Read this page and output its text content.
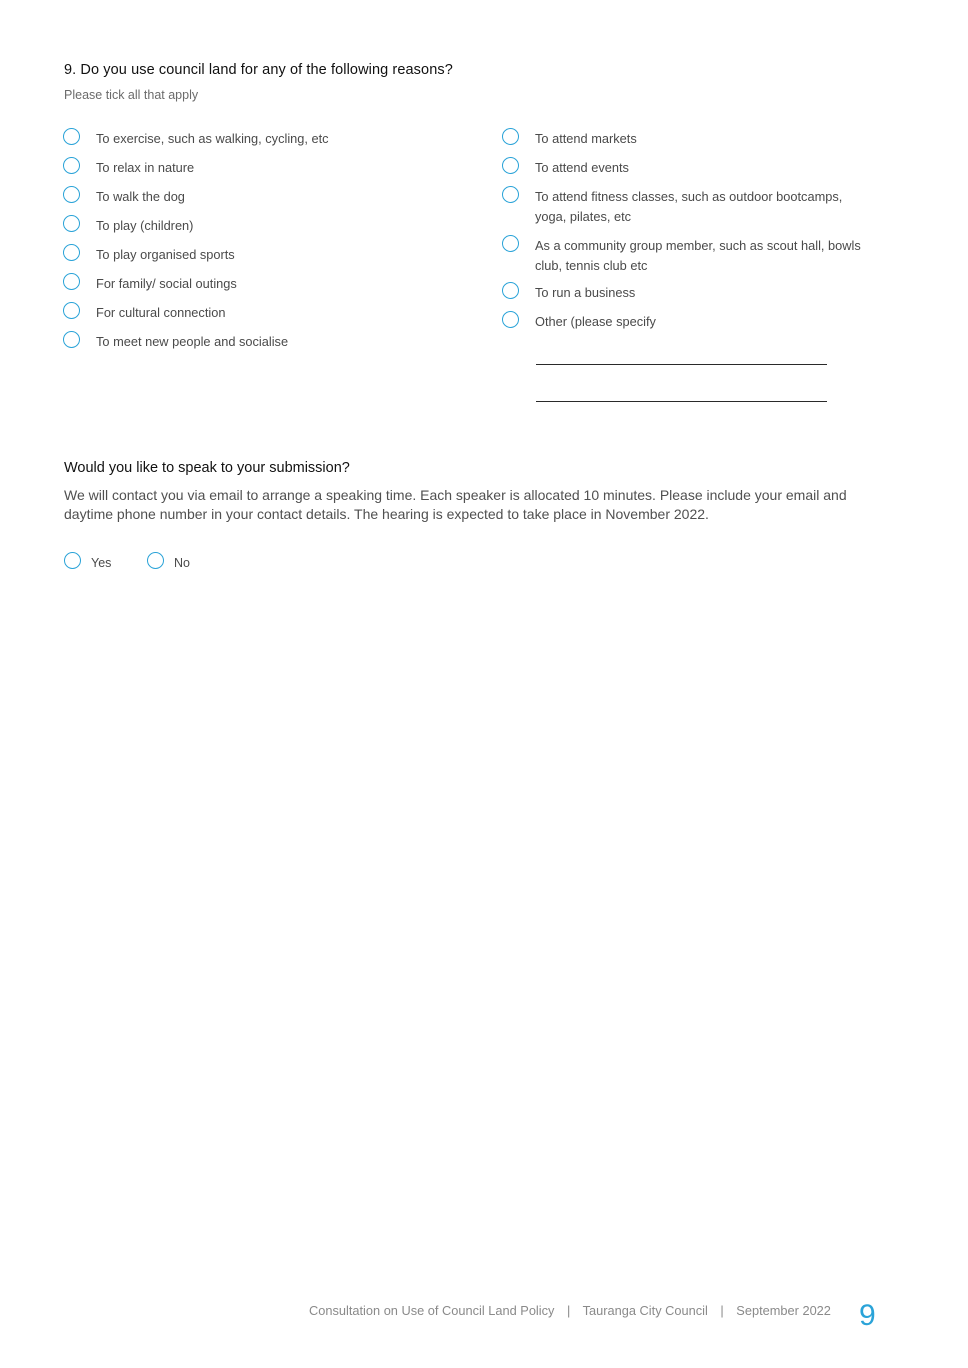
9. Do you use council land for any of the following reasons?
Please tick all that apply
To exercise, such as walking, cycling, etc
To relax in nature
To walk the dog
To play (children)
To play organised sports
For family/ social outings
For cultural connection
To meet new people and socialise
To attend markets
To attend events
To attend fitness classes, such as outdoor bootcamps, yoga, pilates, etc
As a community group member, such as scout hall, bowls club, tennis club etc
To run a business
Other (please specify
Would you like to speak to your submission?
We will contact you via email to arrange a speaking time. Each speaker is allocated 10 minutes. Please include your email and daytime phone number in your contact details. The hearing is expected to take place in November 2022.
Yes	No
Consultation on Use of Council Land Policy | Tauranga City Council | September 2022 9
